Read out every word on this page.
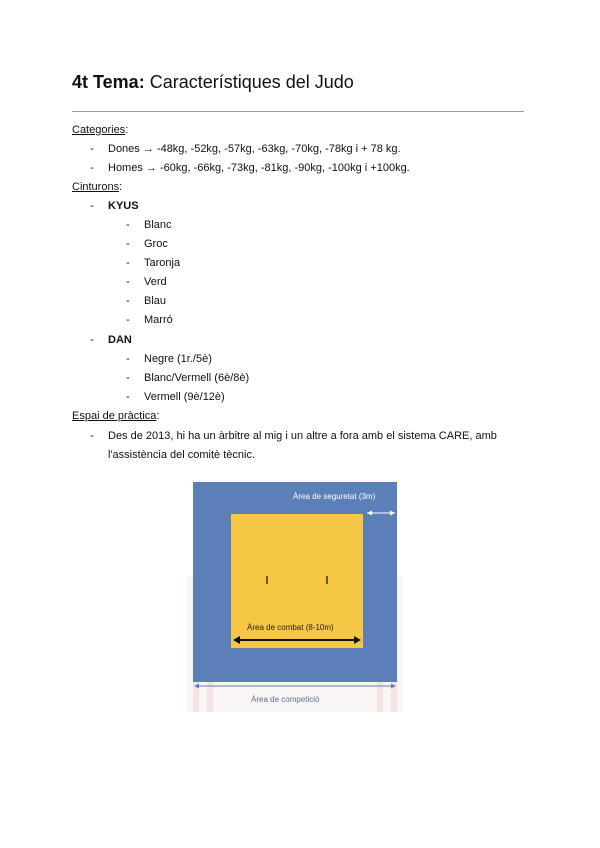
4t Tema: Característiques del Judo
Categories:
- Dones → -48kg, -52kg, -57kg, -63kg, -70kg, -78kg i + 78 kg.
- Homes → -60kg, -66kg, -73kg, -81kg, -90kg, -100kg i +100kg.
Cinturons:
- KYUS
- Blanc
- Groc
- Taronja
- Verd
- Blau
- Marró
- DAN
- Negre (1r./5è)
- Blanc/Vermell (6è/8è)
- Vermell (9è/12è)
Espai de pràctica:
- Des de 2013, hi ha un àrbitre al mig i un altre a fora amb el sistema CARE, amb
l'assistència del comitè tècnic.
Àrea de seguretat (3m)
Àrea de combat (8-10m)
Àrea de competició
